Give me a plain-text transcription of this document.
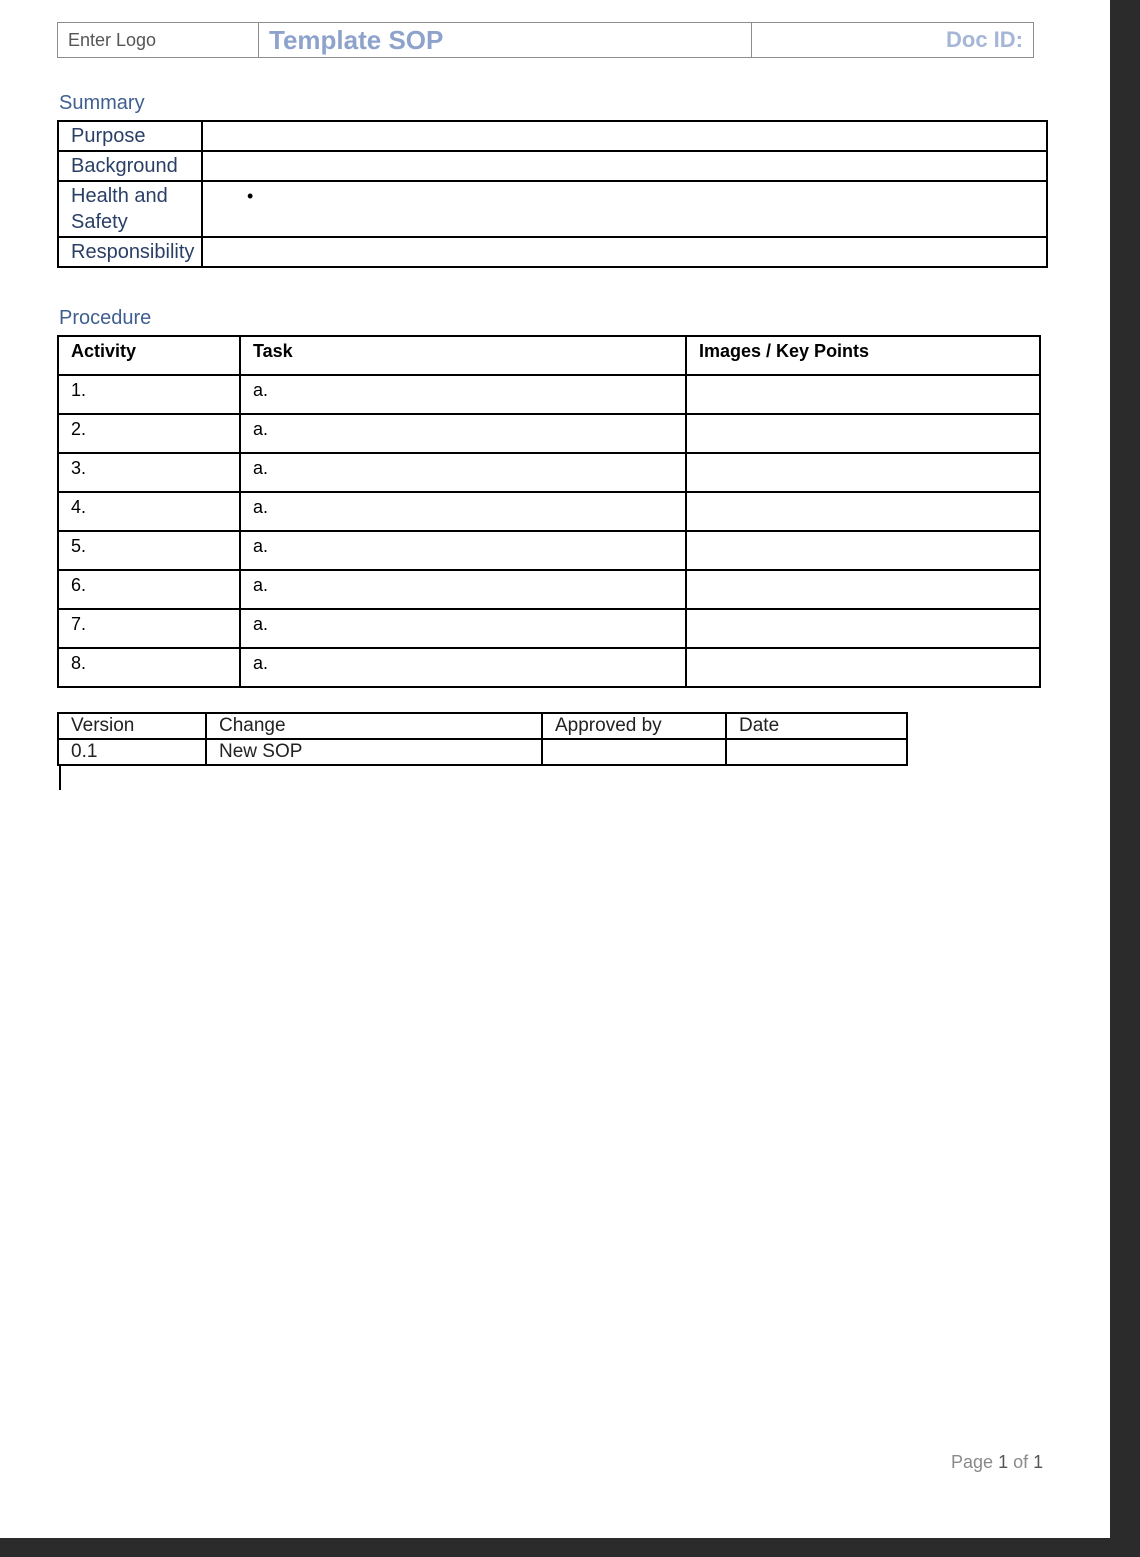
Enter Logo	Template SOP	Doc ID:
Summary
Purpose	
Background	
Health and Safety	•
Responsibility	
Procedure
Activity	Task	Images / Key Points
1.	a.	
2.	a.	
3.	a.	
4.	a.	
5.	a.	
6.	a.	
7.	a.	
8.	a.	
Version	Change	Approved by	Date
0.1	New SOP		
Page 1 of 1
